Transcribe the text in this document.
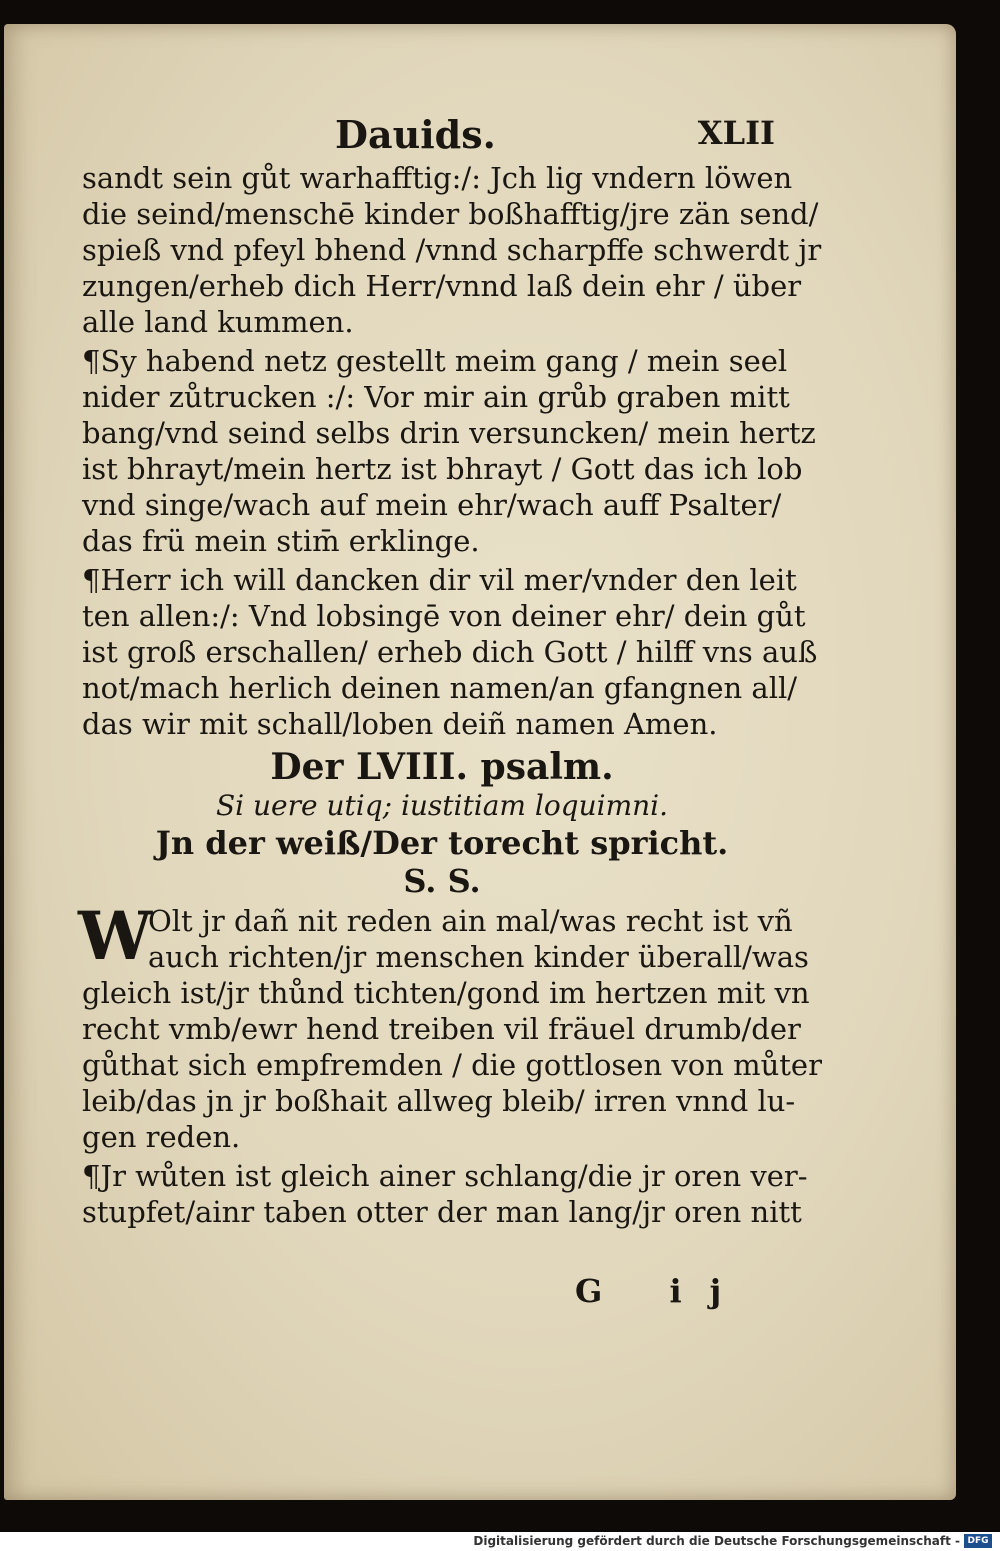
Dauids.	XLII
sandt sein gůt warhafftig:/: Jch lig vndern löwen
die seind/menschē kinder boßhafftig/jre zän send/
spieß vnd pfeyl bhend /vnnd scharpffe schwerdt jr
zungen/erheb dich Herr/vnnd laß dein ehr / über
alle land kummen.
¶Sy habend netz gestellt meim gang / mein seel
nider zůtrucken :/: Vor mir ain grůb graben mitt
bang/vnd seind selbs drin versuncken/ mein hertz
ist bhrayt/mein hertz ist bhrayt / Gott das ich lob
vnd singe/wach auf mein ehr/wach auff Psalter/
das frü mein stim̄ erklinge.
¶Herr ich will dancken dir vil mer/vnder den leit
ten allen:/: Vnd lobsingē von deiner ehr/ dein gůt
ist groß erschallen/ erheb dich Gott / hilff vns auß
not/mach herlich deinen namen/an gfangnen all/
das wir mit schall/loben deiñ namen Amen.
Der LVIII. psalm.
Si uere utiq; iustitiam loquimni.
Jn der weiß/Der torecht spricht.
S. S.
W
Olt jr dañ nit reden ain mal/was recht ist vñ
auch richten/jr menschen kinder überall/was
gleich ist/jr thůnd tichten/gond im hertzen mit vn
recht vmb/ewr hend treiben vil fräuel drumb/der
gůthat sich empfremden / die gottlosen von můter
leib/das jn jr boßhait allweg bleib/ irren vnnd lu-
gen reden.
¶Jr wůten ist gleich ainer schlang/die jr oren ver-
stupfet/ainr taben otter der man lang/jr oren nitt
G ij
Digitalisierung gefördert durch die Deutsche Forschungsgemeinschaft - DFG
